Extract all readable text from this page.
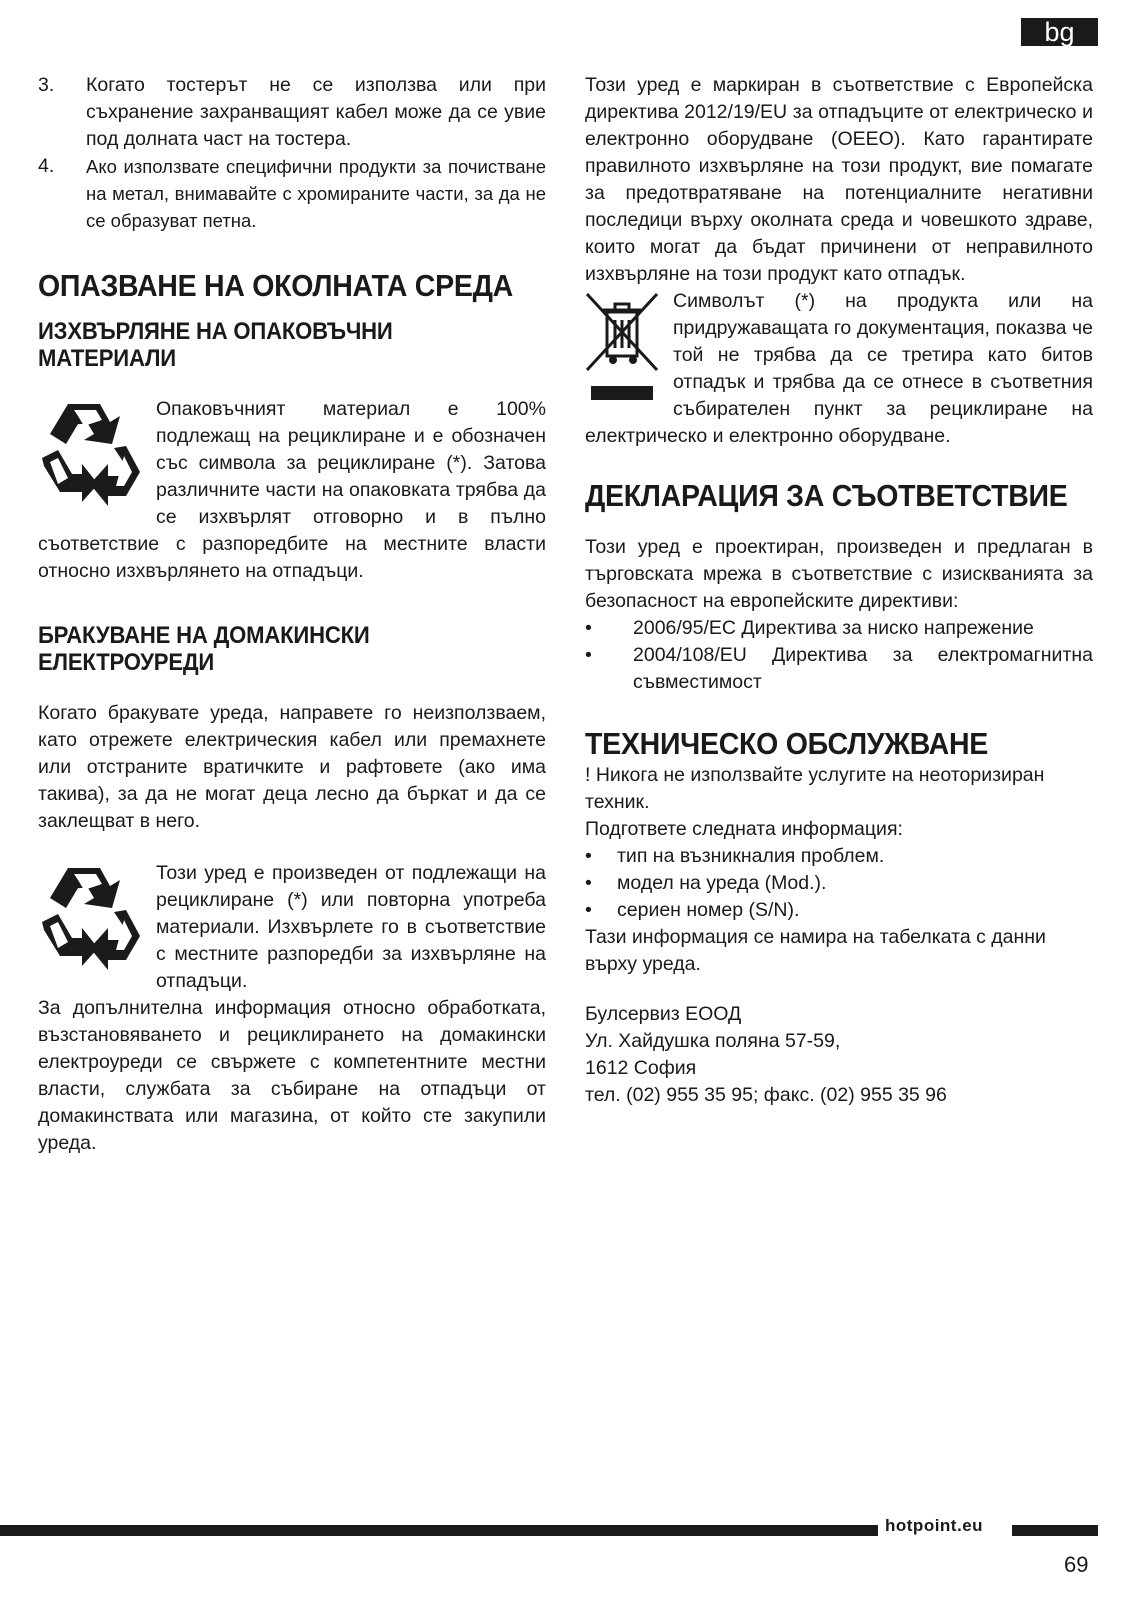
bg
3.	Когато тостерът не се използва или при съхранение захранващият кабел може да се увие под долната част на тостера.
4.	Ако използвате специфични продукти за почистване на метал, внимавайте с хромираните части, за да не се образуват петна.
ОПАЗВАНЕ НА ОКОЛНАТА СРЕДА
ИЗХВЪРЛЯНЕ НА ОПАКОВЪЧНИ МАТЕРИАЛИ

Опаковъчният материал е 100% подлежащ на рециклиране и е обозначен със символа за рециклиране (*). Затова различните части на опаковката трябва да се изхвърлят отговорно и в пълно съответствие с разпоредбите на местните власти относно изхвърлянето на отпадъци.

БРАКУВАНЕ НА ДОМАКИНСКИ ЕЛЕКТРОУРЕДИ

Когато бракувате уреда, направете го неизползваем, като отрежете електрическия кабел или премахнете или отстраните вратичките и рафтовете (ако има такива), за да не могат деца лесно да бъркат и да се заклещват в него.

Този уред е произведен от подлежащи на рециклиране (*) или повторна употреба материали. Изхвърлете го в съответствие с местните разпоредби за изхвърляне на отпадъци.

За допълнителна информация относно обработката, възстановяването и рециклирането на домакински електроуреди се свържете с компетентните местни власти, службата за събиране на отпадъци от домакинствата или магазина, от който сте закупили уреда.

Този уред е маркиран в съответствие с Европейска директива 2012/19/EU за отпадъците от електрическо и електронно оборудване (ОЕЕО). Като гарантирате правилното изхвърляне на този продукт, вие помагате за предотвратяване на потенциалните негативни последици върху околната среда и човешкото здраве, които могат да бъдат причинени от неправилното изхвърляне на този продукт като отпадък.

Символът (*) на продукта или на придружаващата го документация, показва че той не трябва да се третира като битов отпадък и трябва да се отнесе в съответния събирателен пункт за рециклиране на електрическо и електронно оборудване.

ДЕКЛАРАЦИЯ ЗА СЪОТВЕТСТВИЕ

Този уред е проектиран, произведен и предлаган в търговската мрежа в съответствие с изискванията за безопасност на европейските директиви:

•	2006/95/EC Директива за ниско напрежение
•	2004/108/EU Директива за електромагнитна съвместимост
ТЕХНИЧЕСКО ОБСЛУЖВАНЕ

! Никога не използвайте услугите на неоторизиран техник.

Подгответе следната информация:

•	тип на възникналия проблем.
•	модел на уреда (Mod.).
•	сериен номер (S/N).

Тази информация се намира на табелката с данни върху уреда.

Булсервиз ЕООД

Ул. Хайдушка поляна 57-59,

1612 София

тел. (02) 955 35 95; факс. (02) 955 35 96

hotpoint.eu
69
